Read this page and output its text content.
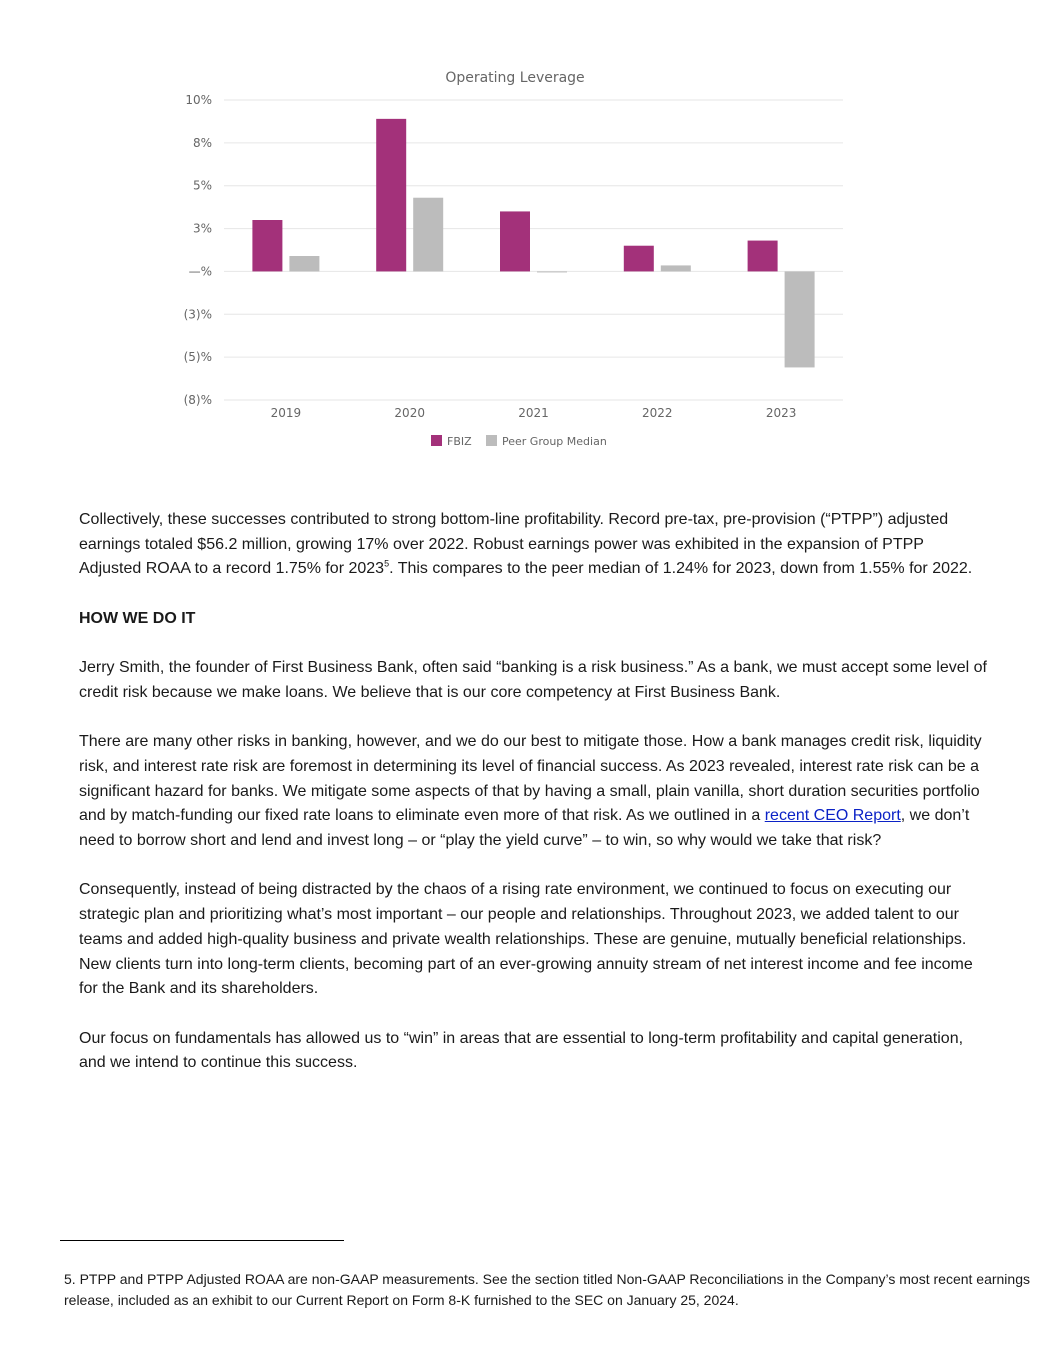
Operating Leverage
10%
8%
5%
3%
—%
(3)%
(5)%
(8)%
2019	2020	2021	2022	2023
FBIZ	Peer Group Median

Collectively, these successes contributed to strong bottom-line profitability. Record pre-tax, pre-provision (“PTPP”) adjusted earnings totaled $56.2 million, growing 17% over 2022. Robust earnings power was exhibited in the expansion of PTPP Adjusted ROAA to a record 1.75% for 2023$^5$. This compares to the peer median of 1.24% for 2023, down from 1.55% for 2022.

HOW WE DO IT

Jerry Smith, the founder of First Business Bank, often said “banking is a risk business.” As a bank, we must accept some level of credit risk because we make loans. We believe that is our core competency at First Business Bank.

There are many other risks in banking, however, and we do our best to mitigate those. How a bank manages credit risk, liquidity risk, and interest rate risk are foremost in determining its level of financial success. As 2023 revealed, interest rate risk can be a significant hazard for banks. We mitigate some aspects of that by having a small, plain vanilla, short duration securities portfolio and by match-funding our fixed rate loans to eliminate even more of that risk. As we outlined in a recent CEO Report, we don’t need to borrow short and lend and invest long – or “play the yield curve” – to win, so why would we take that risk?

Consequently, instead of being distracted by the chaos of a rising rate environment, we continued to focus on executing our strategic plan and prioritizing what’s most important – our people and relationships. Throughout 2023, we added talent to our teams and added high-quality business and private wealth relationships. These are genuine, mutually beneficial relationships. New clients turn into long-term clients, becoming part of an ever-growing annuity stream of net interest income and fee income for the Bank and its shareholders.

Our focus on fundamentals has allowed us to “win” in areas that are essential to long-term profitability and capital generation, and we intend to continue this success.

5. PTPP and PTPP Adjusted ROAA are non-GAAP measurements. See the section titled Non-GAAP Reconciliations in the Company’s most recent earnings release, included as an exhibit to our Current Report on Form 8-K furnished to the SEC on January 25, 2024.
